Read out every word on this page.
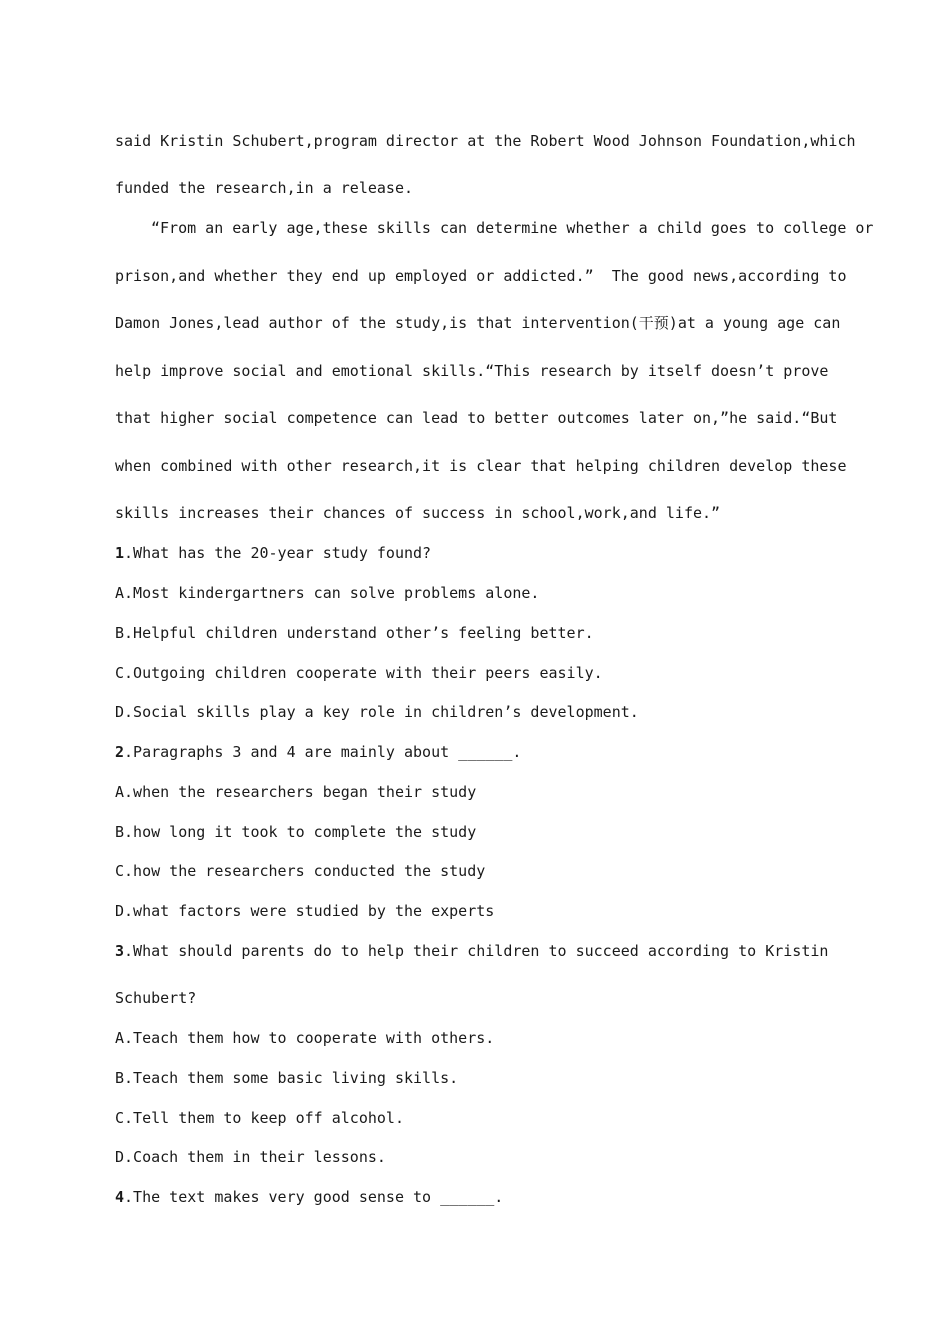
said Kristin Schubert,program director at the Robert Wood Johnson Foundation,which
funded the research,in a release.
“From an early age,these skills can determine whether a child goes to college or
prison,and whether they end up employed or addicted.”  The good news,according to
Damon Jones,lead author of the study,is that intervention(干预)at a young age can
help improve social and emotional skills.“This research by itself doesn’t prove
that higher social competence can lead to better outcomes later on,”he said.“But
when combined with other research,it is clear that helping children develop these
skills increases their chances of success in school,work,and life.”
1.What has the 20-year study found?
A.Most kindergartners can solve problems alone.
B.Helpful children understand other’s feeling better.
C.Outgoing children cooperate with their peers easily.
D.Social skills play a key role in children’s development.
2.Paragraphs 3 and 4 are mainly about ______.
A.when the researchers began their study
B.how long it took to complete the study
C.how the researchers conducted the study
D.what factors were studied by the experts
3.What should parents do to help their children to succeed according to Kristin
Schubert?
A.Teach them how to cooperate with others.
B.Teach them some basic living skills.
C.Tell them to keep off alcohol.
D.Coach them in their lessons.
4.The text makes very good sense to ______.
